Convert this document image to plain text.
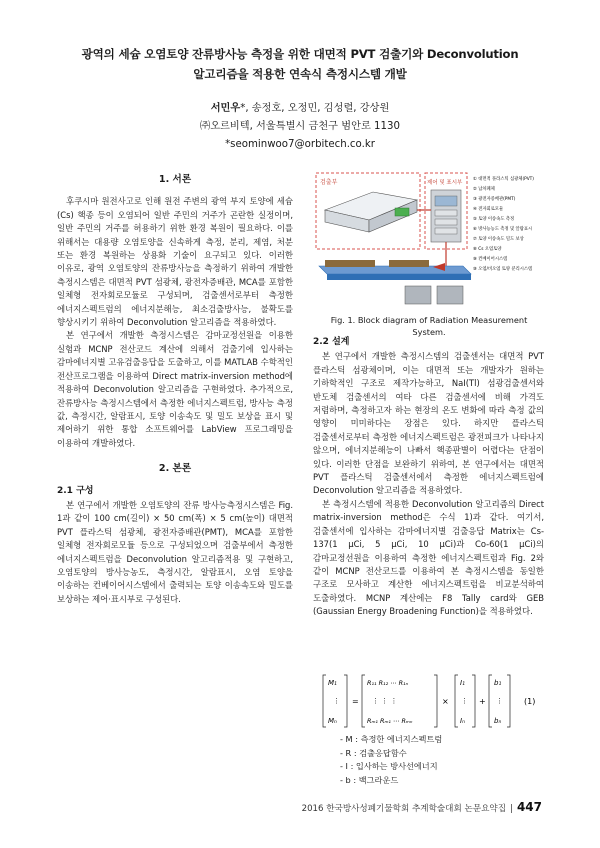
광역의 세슘 오염토양 잔류방사능 측정을 위한 대면적 PVT 검출기와 Deconvolution
알고리즘을 적용한 연속식 측정시스템 개발
서민우*, 송정호, 오정민, 김성렬, 강상원
㈜오르비텍, 서울특별시 금천구 범안로 1130
*seominwoo7@orbitech.co.kr
1. 서론

후쿠시마 원전사고로 인해 원전 주변의 광역 부지 토양에 세슘(Cs) 핵종 등이 오염되어 일반 주민의 거주가 곤란한 실정이며, 일반 주민의 거주를 허용하기 위한 환경 복원이 필요하다. 이를 위해서는 대용량 오염토양을 신속하게 측정, 분리, 제염, 처분 또는 환경 복원하는 상용화 기술이 요구되고 있다. 이러한 이유로, 광역 오염토양의 잔류방사능을 측정하기 위하여 개발한 측정시스템은 대면적 PVT 섬광체, 광전자증배관, MCA를 포함한 일체형 전자회로모듈로 구성되며, 검출센서로부터 측정한 에너지스펙트럼의 에너지분해능, 최소검출방사능, 불확도를 향상시키기 위하여 Deconvolution 알고리즘을 적용하였다.

본 연구에서 개발한 측정시스템은 감마교정선원을 이용한 실험과 MCNP 전산코드 계산에 의해서 검출기에 입사하는 감마에너지별 고유검출응답을 도출하고, 이를 MATLAB 수학적인 전산프로그램을 이용하여 Direct matrix-inversion method에 적용하여 Deconvolution 알고리즘을 구현하였다. 추가적으로, 잔류방사능 측정시스템에서 측정한 에너지스펙트럼, 방사능 측정 값, 측정시간, 알람표시, 토양 이송속도 및 밀도 보상을 표시 및 제어하기 위한 통합 소프트웨어를 LabView 프로그래밍을 이용하여 개발하였다.

2. 본론
2.1 구성

본 연구에서 개발한 오염토양의 잔류 방사능측정시스템은 Fig. 1과 같이 100 cm(길이) × 50 cm(폭) × 5 cm(높이) 대면적 PVT 플라스틱 섬광체, 광전자증배관(PMT), MCA를 포함한 일체형 전자회로모듈 등으로 구성되었으며 검출부에서 측정한 에너지스펙트럼을 Deconvolution 알고리즘적용 및 구현하고, 오염토양의 방사능농도, 측정시간, 알람표시, 오염 토양을 이송하는 컨베이어시스템에서 출력되는 토양 이송속도와 밀도를 보상하는 제어·표시부로 구성된다.

검출부	제어 및 표시부
① 대면적 플라스틱 섬광체(PVT)
② 납차폐체
③ 광전자증배관(PMT)
④ 전자회로모듈
⑤ 토양 이송속도 측정
⑥ 방사능농도 측정 및 알람표시
⑦ 토양 이송속도 밀도 보상
⑧ Cs 오염토양
⑨ 컨베이어시스템
⑩ 오염/비오염 토양 분리시스템
Fig. 1. Block diagram of Radiation Measurement System.
2.2 설계

본 연구에서 개발한 측정시스템의 검출센서는 대면적 PVT 플라스틱 섬광체이며, 이는 대면적 또는 개발자가 원하는 기하학적인 구조로 제작가능하고, NaI(Tl) 섬광검출센서와 반도체 검출센서의 여타 다른 검출센서에 비해 가격도 저렴하며, 측정하고자 하는 현장의 온도 변화에 따라 측정 값의 영향이 미미하다는 장점은 있다. 하지만 플라스틱 검출센서로부터 측정한 에너지스펙트럼은 광전피크가 나타나지 않으며, 에너지분해능이 나빠서 핵종판별이 어렵다는 단점이 있다. 이러한 단점을 보완하기 위하여, 본 연구에서는 대면적 PVT 플라스틱 검출센서에서 측정한 에너지스펙트럼에 Deconvolution 알고리즘을 적용하였다.

본 측정시스템에 적용한 Deconvolution 알고리즘의 Direct matrix-inversion method은 수식 1)과 같다. 여기서, 검출센서에 입사하는 감마에너지별 검출응답 Matrix는 Cs-137(1 μCi, 5 μCi, 10 μCi)과 Co-60(1 μCi)의 감마교정선원을 이용하여 측정한 에너지스펙트럼과 Fig. 2와 같이 MCNP 전산코드를 이용하여 본 측정시스템을 동일한 구조로 모사하고 계산한 에너지스펙트럼을 비교분석하여 도출하였다. MCNP 계산에는 F8 Tally card와 GEB (Gaussian Energy Broadening Function)을 적용하였다.

M₁
⋮
Mₙ
=
R₁₁ R₁₂ ⋯ R₁ₙ
⋮ ⋮ ⋮
Rₘ₁ Rₘ₁ ⋯ Rₘₙ
×
I₁
⋮
Iₙ
+
b₁
⋮
bₙ
(1)
- M : 측정한 에너지스펙트럼
- R : 검출응답함수
- I : 입사하는 방사선에너지
- b : 백그라운드
2016 한국방사성폐기물학회 추계학술대회 논문요약집 | 447
